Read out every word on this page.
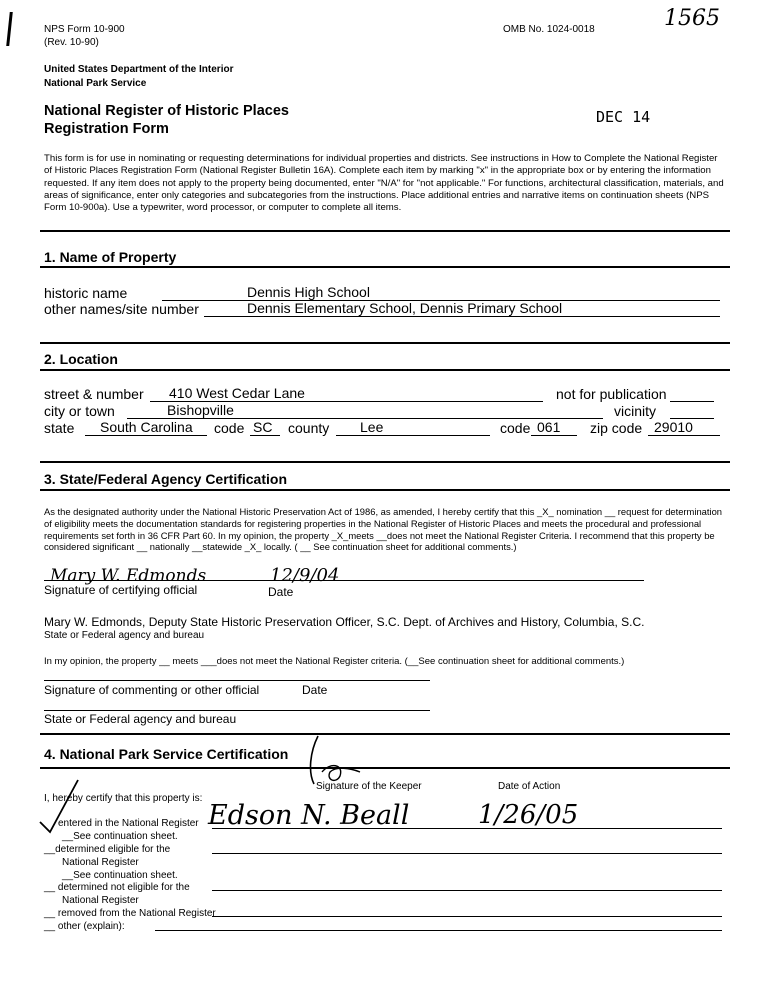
NPS Form 10-900
(Rev. 10-90)
OMB No. 1024-0018	1565
United States Department of the Interior
National Park Service
National Register of Historic Places
Registration Form
DEC 14
This form is for use in nominating or requesting determinations for individual properties and districts. See instructions in How to Complete the National Register of Historic Places Registration Form (National Register Bulletin 16A). Complete each item by marking "x" in the appropriate box or by entering the information requested. If any item does not apply to the property being documented, enter "N/A" for "not applicable." For functions, architectural classification, materials, and areas of significance, enter only categories and subcategories from the instructions. Place additional entries and narrative items on continuation sheets (NPS Form 10-900a). Use a typewriter, word processor, or computer to complete all items.
1. Name of Property
historic name	Dennis High School
other names/site number	Dennis Elementary School, Dennis Primary School
2. Location
street & number	410 West Cedar Lane	not for publication
city or town	Bishopville	vicinity
state	South Carolina	code SC	county	Lee	code 061	zip code 29010
3. State/Federal Agency Certification
As the designated authority under the National Historic Preservation Act of 1986, as amended, I hereby certify that this _X_ nomination __ request for determination of eligibility meets the documentation standards for registering properties in the National Register of Historic Places and meets the procedural and professional requirements set forth in 36 CFR Part 60. In my opinion, the property _X_meets __does not meet the National Register Criteria. I recommend that this property be considered significant __ nationally __statewide _X_ locally. ( __ See continuation sheet for additional comments.)
Mary W. Edmonds	12/9/04
Signature of certifying official	Date
Mary W. Edmonds, Deputy State Historic Preservation Officer, S.C. Dept. of Archives and History, Columbia, S.C.
State or Federal agency and bureau
In my opinion, the property __ meets ___does not meet the National Register criteria. (__See continuation sheet for additional comments.)
Signature of commenting or other official	Date
State or Federal agency and bureau
4. National Park Service Certification
I, hereby certify that this property is:
Signature of the Keeper	Date of Action
Edson N. Beall	1/26/05
entered in the National Register
__See continuation sheet.
__determined eligible for the
National Register
__See continuation sheet.
__ determined not eligible for the
National Register
__ removed from the National Register
__ other (explain):
